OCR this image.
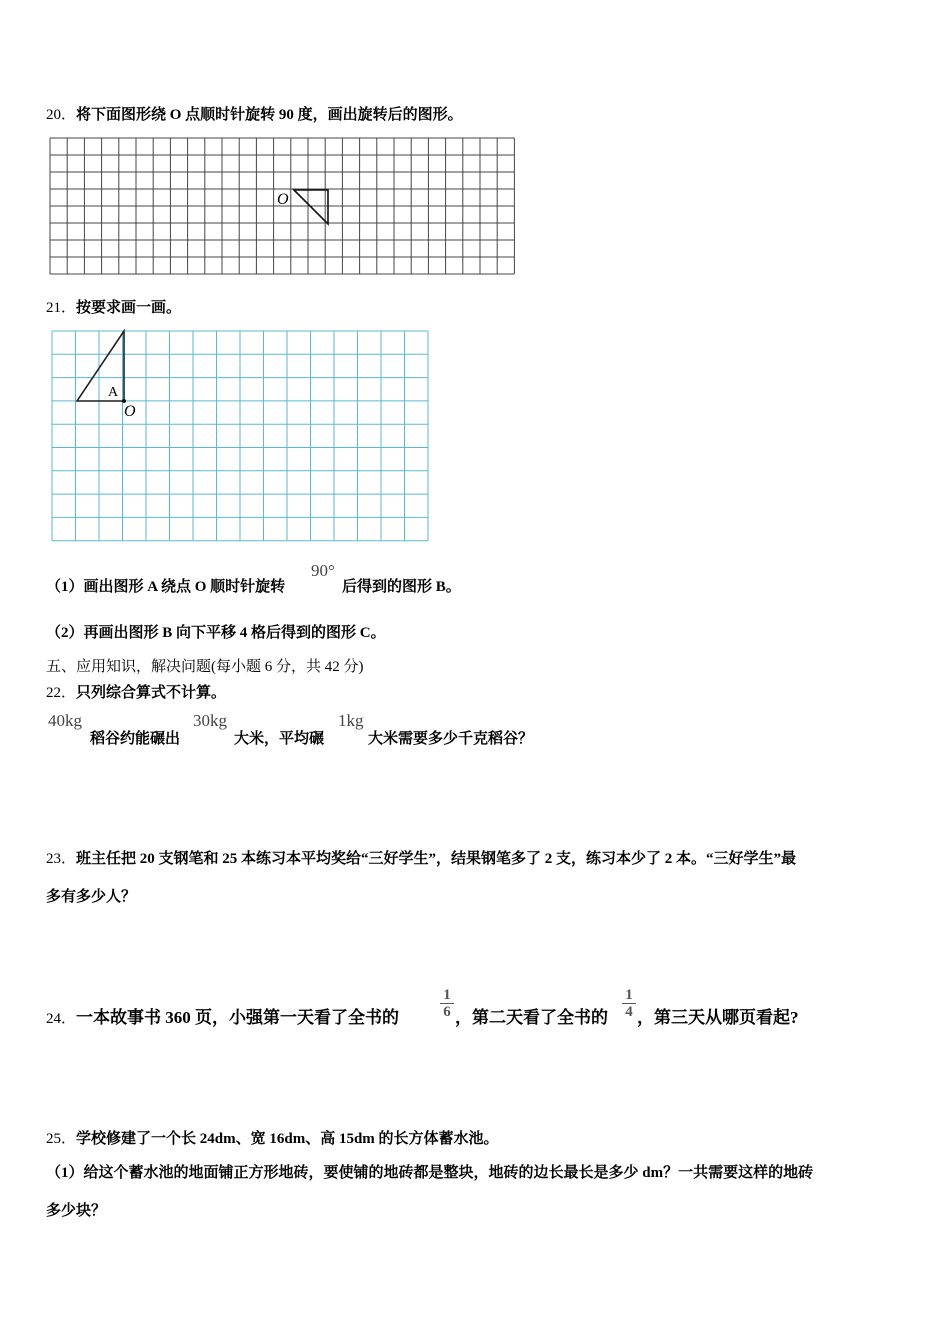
20．将下面图形绕 O 点顺时针旋转 90 度，画出旋转后的图形。
O
21．按要求画一画。
A
O
（1）画出图形 A 绕点 O 顺时针旋转
90°
后得到的图形 B。
（2）再画出图形 B 向下平移 4 格后得到的图形 C。
五、应用知识，解决问题(每小题 6 分，共 42 分)
22．只列综合算式不计算。
40kg
稻谷约能碾出
30kg
大米，平均碾
1kg
大米需要多少千克稻谷？
23．班主任把 20 支钢笔和 25 本练习本平均奖给“三好学生”，结果钢笔多了 2 支，练习本少了 2 本。“三好学生”最
多有多少人？
24．一本故事书 360 页，小强第一天看了全书的
1
6 ，第二天看了全书的
1
4 ，第三天从哪页看起?
25．学校修建了一个长 24dm、宽 16dm、高 15dm 的长方体蓄水池。
（1）给这个蓄水池的地面铺正方形地砖，要使铺的地砖都是整块，地砖的边长最长是多少 dm？一共需要这样的地砖
多少块？
